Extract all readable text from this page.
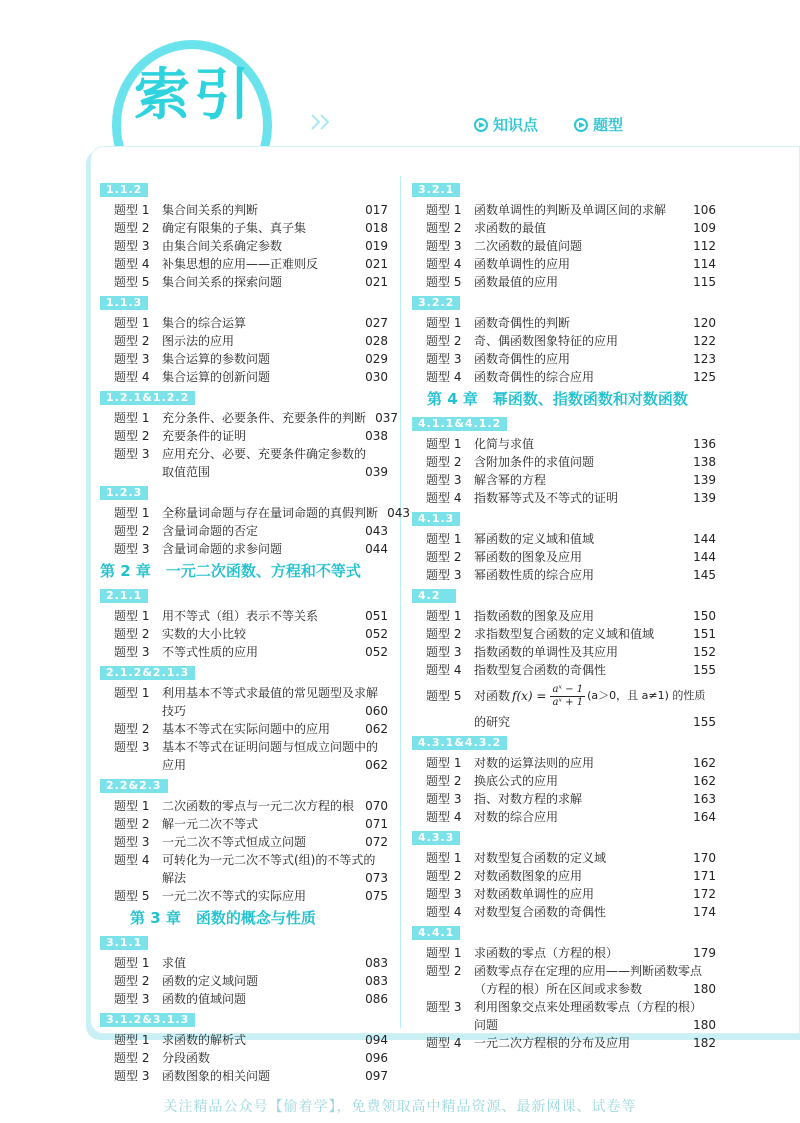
索引	知识点	题型
1.1.2
题型 1	集合间关系的判断	017
题型 2	确定有限集的子集、真子集	018
题型 3	由集合间关系确定参数	019
题型 4	补集思想的应用——正难则反	021
题型 5	集合间关系的探索问题	021
1.1.3
题型 1	集合的综合运算	027
题型 2	图示法的应用	028
题型 3	集合运算的参数问题	029
题型 4	集合运算的创新问题	030
1.2.1&1.2.2
题型 1	充分条件、必要条件、充要条件的判断 037
题型 2	充要条件的证明	038
题型 3	应用充分、必要、充要条件确定参数的
取值范围	039
1.2.3
题型 1	全称量词命题与存在量词命题的真假判断 043
题型 2	含量词命题的否定	043
题型 3	含量词命题的求参问题	044
第 2 章　一元二次函数、方程和不等式
2.1.1
题型 1	用不等式（组）表示不等关系	051
题型 2	实数的大小比较	052
题型 3	不等式性质的应用	052
2.1.2&2.1.3
题型 1	利用基本不等式求最值的常见题型及求解
技巧	060
题型 2	基本不等式在实际问题中的应用	062
题型 3	基本不等式在证明问题与恒成立问题中的
应用	062
2.2&2.3
题型 1	二次函数的零点与一元二次方程的根 070
题型 2	解一元二次不等式	071
题型 3	一元二次不等式恒成立问题	072
题型 4	可转化为一元二次不等式(组)的不等式的
解法	073
题型 5	一元二次不等式的实际应用	075
　　第 3 章　函数的概念与性质
3.1.1
题型 1	求值	083
题型 2	函数的定义域问题	083
题型 3	函数的值域问题	086
3.1.2&3.1.3
题型 1	求函数的解析式	094
题型 2	分段函数	096
题型 3	函数图象的相关问题	097
3.2.1
题型 1	函数单调性的判断及单调区间的求解	106
题型 2	求函数的最值	109
题型 3	二次函数的最值问题	112
题型 4	函数单调性的应用	114
题型 5	函数最值的应用	115
3.2.2
题型 1	函数奇偶性的判断	120
题型 2	奇、偶函数图象特征的应用	122
题型 3	函数奇偶性的应用	123
题型 4	函数奇偶性的综合应用	125
　第 4 章　幂函数、指数函数和对数函数
4.1.1&4.1.2
题型 1	化简与求值	136
题型 2	含附加条件的求值问题	138
题型 3	解含幂的方程	139
题型 4	指数幂等式及不等式的证明	139
4.1.3
题型 1	幂函数的定义域和值域	144
题型 2	幂函数的图象及应用	144
题型 3	幂函数性质的综合应用	145
4.2
题型 1	指数函数的图象及应用	150
题型 2	求指数型复合函数的定义域和值域	151
题型 3	指数函数的单调性及其应用	152
题型 4	指数型复合函数的奇偶性	155
题型 5	对函数 $f(x) = \frac{\text{aˣ − 1}}{\text{aˣ + 1}} (a>0$，且 a≠1) 的性质
的研究	155
4.3.1&4.3.2
题型 1	对数的运算法则的应用	162
题型 2	换底公式的应用	162
题型 3	指、对数方程的求解	163
题型 4	对数的综合应用	164
4.3.3
题型 1	对数型复合函数的定义域	170
题型 2	对数函数图象的应用	171
题型 3	对数函数单调性的应用	172
题型 4	对数型复合函数的奇偶性	174
4.4.1
题型 1	求函数的零点（方程的根）	179
题型 2	函数零点存在定理的应用——判断函数零点
（方程的根）所在区间或求参数	180
题型 3	利用图象交点来处理函数零点（方程的根）
问题	180
题型 4	一元二次方程根的分布及应用	182
关注精品公众号【偷着学】，免费领取高中精品资源、最新网课、试卷等
